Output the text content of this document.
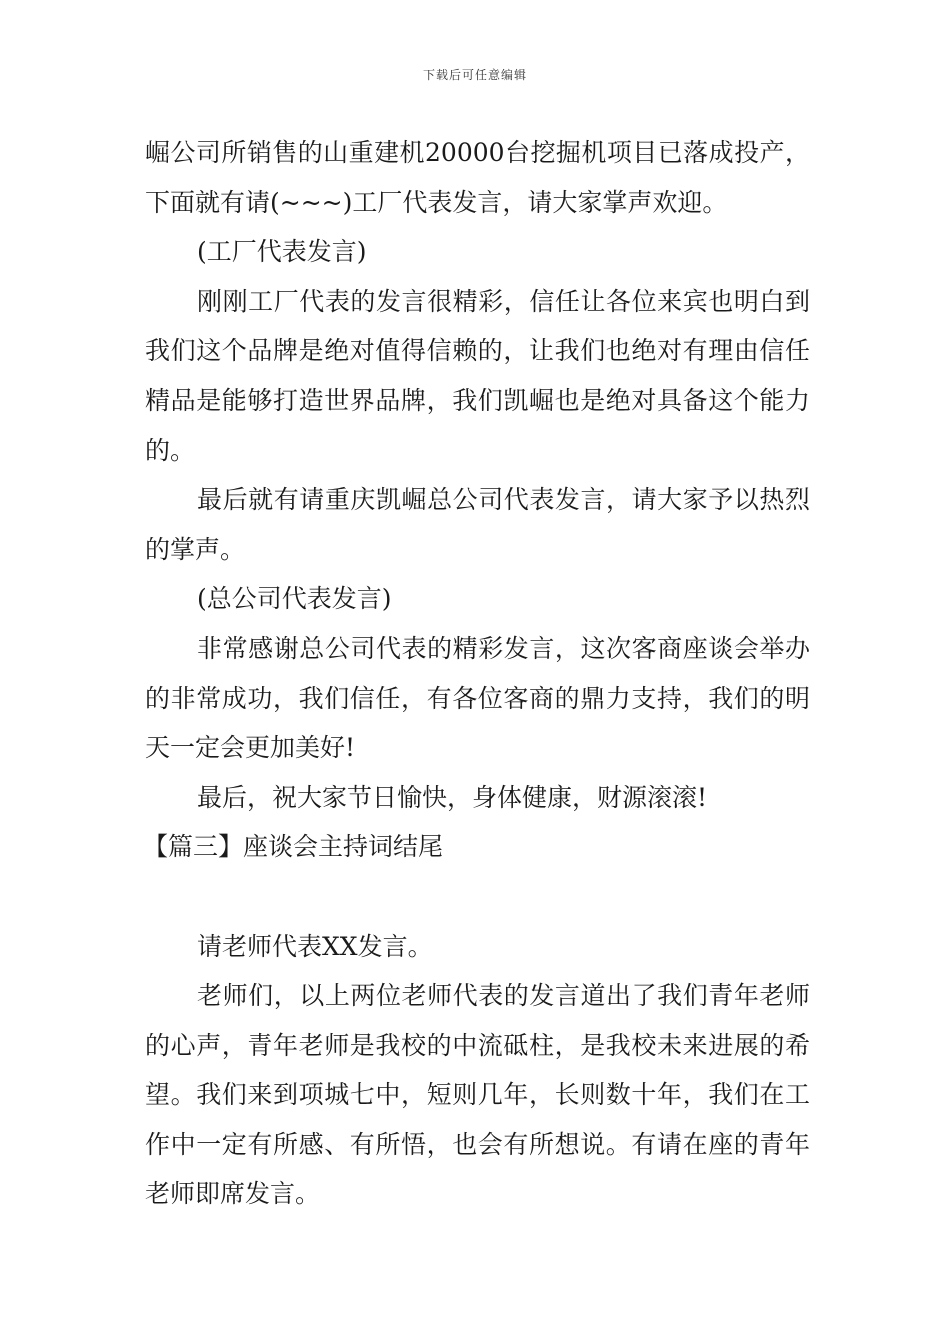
下载后可任意编辑

崛公司所销售的山重建机20000台挖掘机项目已落成投产，下面就有请(~~~)工厂代表发言，请大家掌声欢迎。

(工厂代表发言)

刚刚工厂代表的发言很精彩，信任让各位来宾也明白到我们这个品牌是绝对值得信赖的，让我们也绝对有理由信任精品是能够打造世界品牌，我们凯崛也是绝对具备这个能力的。

最后就有请重庆凯崛总公司代表发言，请大家予以热烈的掌声。

(总公司代表发言)

非常感谢总公司代表的精彩发言，这次客商座谈会举办的非常成功，我们信任，有各位客商的鼎力支持，我们的明天一定会更加美好!

最后，祝大家节日愉快，身体健康，财源滚滚!

【篇三】座谈会主持词结尾

请老师代表XX发言。

老师们，以上两位老师代表的发言道出了我们青年老师的心声，青年老师是我校的中流砥柱，是我校未来进展的希望。我们来到项城七中，短则几年，长则数十年，我们在工作中一定有所感、有所悟，也会有所想说。有请在座的青年老师即席发言。
